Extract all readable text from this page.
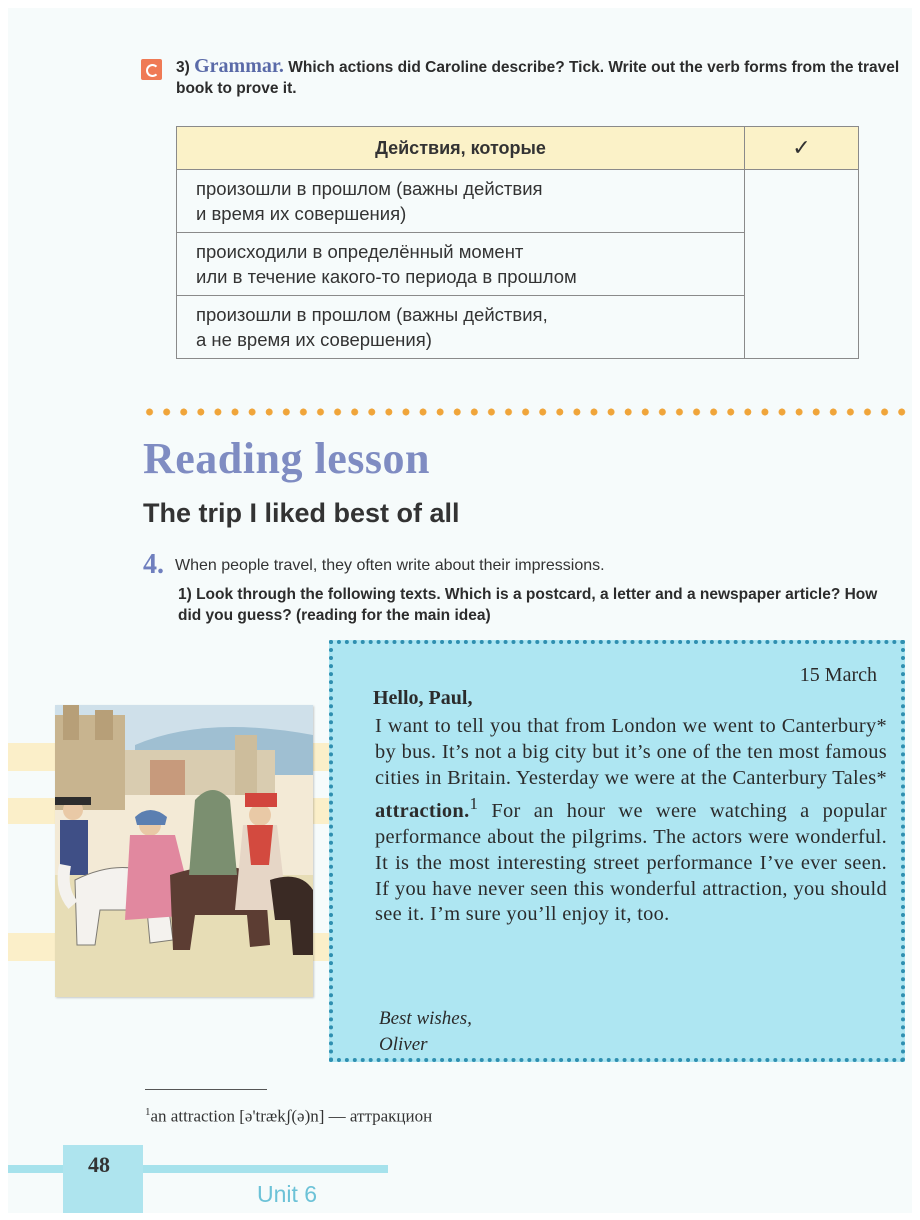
3) Grammar. Which actions did Caroline describe? Tick. Write out the verb forms from the travel book to prove it.
Действия, которые	✓
произошли в прошлом (важны действия
и время их совершения)	
происходили в определённый момент
или в течение какого-то периода в прошлом	
произошли в прошлом (важны действия,
а не время их совершения)	
Reading lesson
The trip I liked best of all
4. When people travel, they often write about their impressions.
1) Look through the following texts. Which is a postcard, a letter and a newspaper article? How did you guess? (reading for the main idea)
15 March
Hello, Paul,
I want to tell you that from London we went to Canterbury* by bus. It’s not a big city but it’s one of the ten most famous cities in Britain. Yesterday we were at the Canterbury Tales* attraction.$^1$ For an hour we were watching a popular performance about the pilgrims. The actors were wonderful. It is the most interesting street performance I’ve ever seen. If you have never seen this wonderful attraction, you should see it. I’m sure you’ll enjoy it, too.
Best wishes,
Oliver
$^1$an attraction [ə'trækʃ(ə)n] — аттракцион
48
Unit 6
